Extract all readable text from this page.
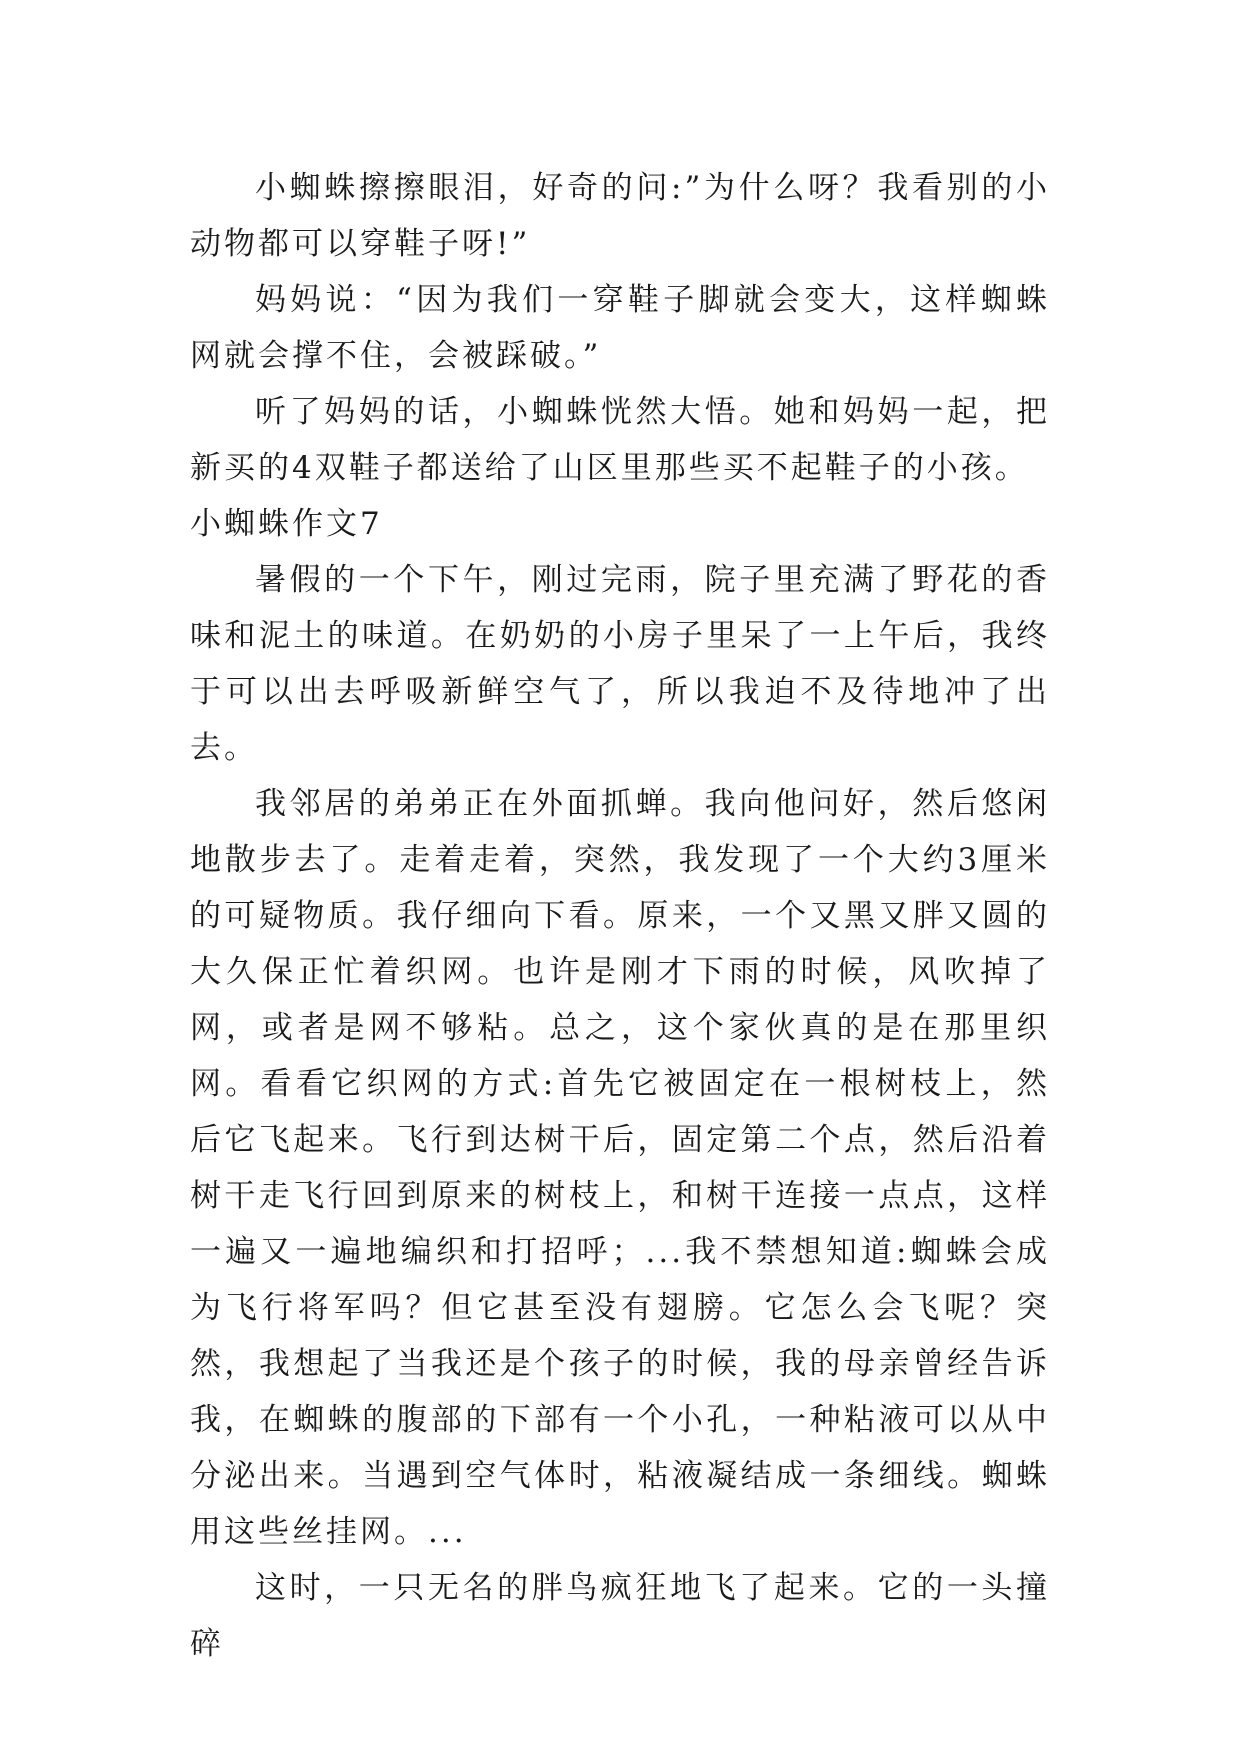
小蜘蛛擦擦眼泪，好奇的问:”为什么呀？我看别的小动物都可以穿鞋子呀!”

妈妈说：“因为我们一穿鞋子脚就会变大，这样蜘蛛网就会撑不住，会被踩破。”

听了妈妈的话，小蜘蛛恍然大悟。她和妈妈一起，把新买的4双鞋子都送给了山区里那些买不起鞋子的小孩。

小蜘蛛作文7

暑假的一个下午，刚过完雨，院子里充满了野花的香味和泥土的味道。在奶奶的小房子里呆了一上午后，我终于可以出去呼吸新鲜空气了，所以我迫不及待地冲了出去。

我邻居的弟弟正在外面抓蝉。我向他问好，然后悠闲地散步去了。走着走着，突然，我发现了一个大约3厘米的可疑物质。我仔细向下看。原来，一个又黑又胖又圆的大久保正忙着织网。也许是刚才下雨的时候，风吹掉了网，或者是网不够粘。总之，这个家伙真的是在那里织网。看看它织网的方式:首先它被固定在一根树枝上，然后它飞起来。飞行到达树干后，固定第二个点，然后沿着树干走飞行回到原来的树枝上，和树干连接一点点，这样一遍又一遍地编织和打招呼；...我不禁想知道:蜘蛛会成为飞行将军吗？但它甚至没有翅膀。它怎么会飞呢？突然，我想起了当我还是个孩子的时候，我的母亲曾经告诉我，在蜘蛛的腹部的下部有一个小孔，一种粘液可以从中分泌出来。当遇到空气体时，粘液凝结成一条细线。蜘蛛用这些丝挂网。...

这时，一只无名的胖鸟疯狂地飞了起来。它的一头撞碎
